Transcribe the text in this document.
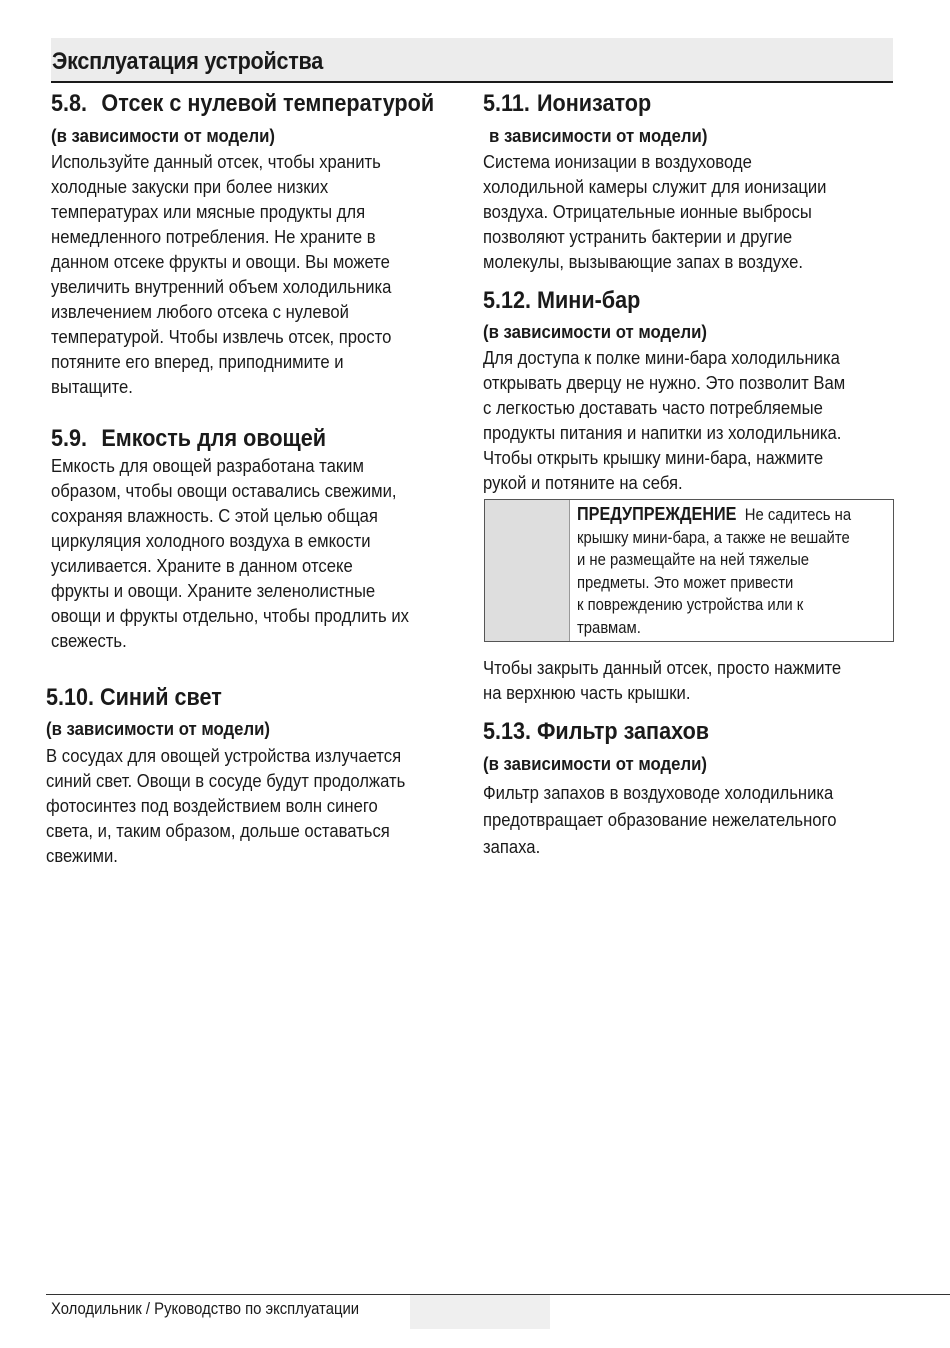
Эксплуатация устройства
5.8. Отсек с нулевой температурой
(в зависимости от модели)
Используйте данный отсек, чтобы хранить
холодные закуски при более низких
температурах или мясные продукты для
немедленного потребления. Не храните в
данном отсеке фрукты и овощи. Вы можете
увеличить внутренний объем холодильника
извлечением любого отсека с нулевой
температурой. Чтобы извлечь отсек, просто
потяните его вперед, приподнимите и
вытащите.
5.9. Емкость для овощей
Емкость для овощей разработана таким
образом, чтобы овощи оставались свежими,
сохраняя влажность. С этой целью общая
циркуляция холодного воздуха в емкости
усиливается. Храните в данном отсеке
фрукты и овощи. Храните зеленолистные
овощи и фрукты отдельно, чтобы продлить их
свежесть.
5.10. Синий свет
(в зависимости от модели)
В сосудах для овощей устройства излучается
синий свет. Овощи в сосуде будут продолжать
фотосинтез под воздействием волн синего
света, и, таким образом, дольше оставаться
свежими.
5.11. Ионизатор
в зависимости от модели)
Система ионизации в воздуховоде
холодильной камеры служит для ионизации
воздуха. Отрицательные ионные выбросы
позволяют устранить бактерии и другие
молекулы, вызывающие запах в воздухе.
5.12. Мини-бар
(в зависимости от модели)
Для доступа к полке мини-бара холодильника
открывать дверцу не нужно. Это позволит Вам
с легкостью доставать часто потребляемые
продукты питания и напитки из холодильника.
Чтобы открыть крышку мини-бара, нажмите
рукой и потяните на себя.
ПРЕДУПРЕЖДЕНИЕ Не садитесь на
крышку мини-бара, а также не вешайте
и не размещайте на ней тяжелые
предметы. Это может привести
к повреждению устройства или к
травмам.
Чтобы закрыть данный отсек, просто нажмите
на верхнюю часть крышки.
5.13. Фильтр запахов
(в зависимости от модели)
Фильтр запахов в воздуховоде холодильника
предотвращает образование нежелательного
запаха.
Холодильник / Руководство по эксплуатации
